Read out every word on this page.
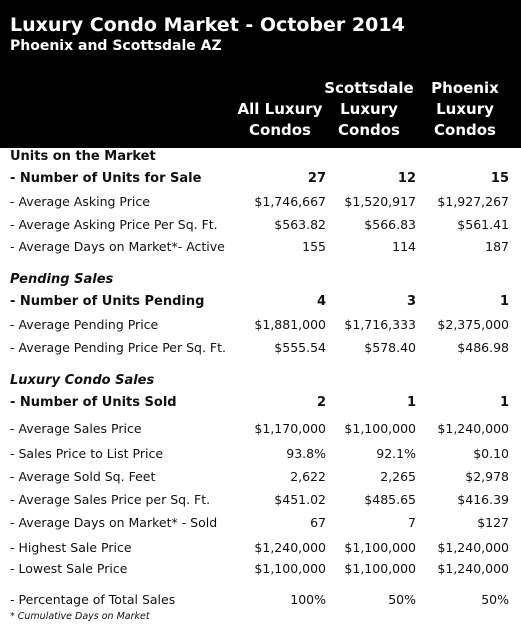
Luxury Condo Market - October 2014
Phoenix and Scottsdale AZ
All Luxury
Condos
Scottsdale
Luxury
Condos
Phoenix
Luxury
Condos
Units on the Market
Pending Sales
Luxury Condo Sales
- Number of Units for Sale	27	12	15
- Average Asking Price	$1,746,667 $1,520,917 $1,927,267
- Average Asking Price Per Sq. Ft.	$563.82	$566.83	$561.41
- Average Days on Market*- Active	155	114	187
- Number of Units Pending	4	3	1
- Average Pending Price	$1,881,000 $1,716,333 $2,375,000
- Average Pending Price Per Sq. Ft.	$555.54	$578.40	$486.98
- Number of Units Sold	2	1	1
- Average Sales Price	$1,170,000 $1,100,000 $1,240,000
- Sales Price to List Price	93.8%	92.1%	$0.10
- Average Sold Sq. Feet	2,622	2,265	$2,978
- Average Sales Price per Sq. Ft.	$451.02	$485.65	$416.39
- Average Days on Market* - Sold	67	7	$127
- Highest Sale Price	$1,240,000 $1,100,000 $1,240,000
- Lowest Sale Price	$1,100,000 $1,100,000 $1,240,000
- Percentage of Total Sales	100%	50%	50%
* Cumulative Days on Market
